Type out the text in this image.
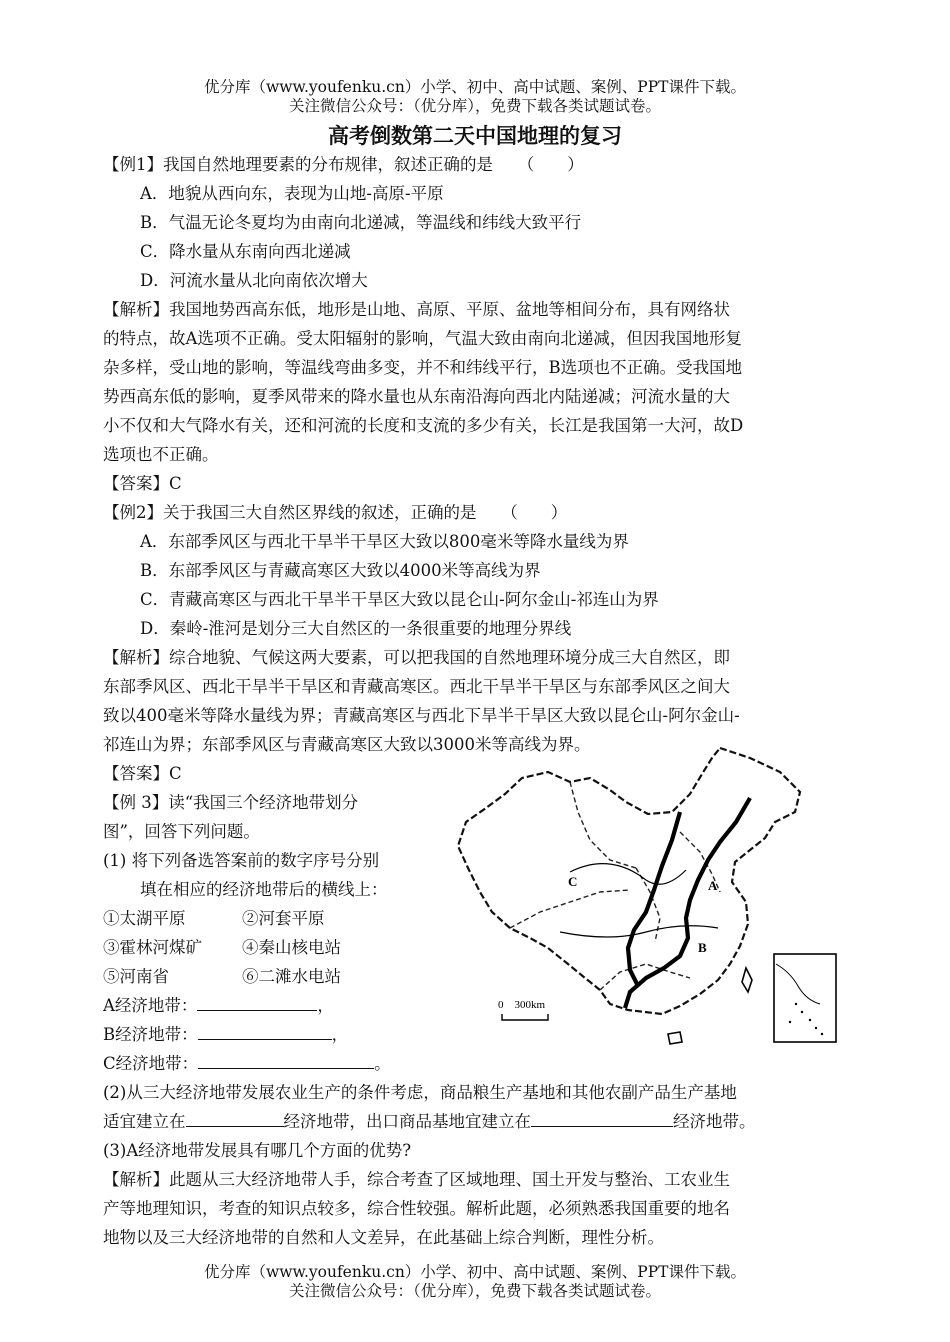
优分库（www.youfenku.cn）小学、初中、高中试题、案例、PPT课件下载。
关注微信公众号：（优分库），免费下载各类试题试卷。
高考倒数第二天中国地理的复习
【例1】我国自然地理要素的分布规律，叙述正确的是　　（　　）
A．地貌从西向东，表现为山地-高原-平原
B．气温无论冬夏均为由南向北递减，等温线和纬线大致平行
C．降水量从东南向西北递减
D．河流水量从北向南依次增大
【解析】我国地势西高东低，地形是山地、高原、平原、盆地等相间分布，具有网络状
的特点，故A选项不正确。受太阳辐射的影响，气温大致由南向北递减，但因我国地形复
杂多样，受山地的影响，等温线弯曲多变，并不和纬线平行，B选项也不正确。受我国地
势西高东低的影响，夏季风带来的降水量也从东南沿海向西北内陆递减；河流水量的大
小不仅和大气降水有关，还和河流的长度和支流的多少有关，长江是我国第一大河，故D
选项也不正确。
【答案】C
【例2】关于我国三大自然区界线的叙述，正确的是　　（　　）
A．东部季风区与西北干旱半干旱区大致以800毫米等降水量线为界
B．东部季风区与青藏高寒区大致以4000米等高线为界
C．青藏高寒区与西北干旱半干旱区大致以昆仑山-阿尔金山-祁连山为界
D．秦岭-淮河是划分三大自然区的一条很重要的地理分界线
【解析】综合地貌、气候这两大要素，可以把我国的自然地理环境分成三大自然区，即
东部季风区、西北干旱半干旱区和青藏高寒区。西北干旱半干旱区与东部季风区之间大
致以400毫米等降水量线为界；青藏高寒区与西北下旱半干旱区大致以昆仑山-阿尔金山-
祁连山为界；东部季风区与青藏高寒区大致以3000米等高线为界。
【答案】C
【例 3】读“我国三个经济地带划分
图”，回答下列问题。
(1) 将下列备选答案前的数字序号分别
填在相应的经济地带后的横线上：
①太湖平原	②河套平原
③霍林河煤矿 ④秦山核电站
⑤河南省	⑥二滩水电站
A经济地带：	，
B经济地带：	，
C经济地带：	。
(2)从三大经济地带发展农业生产的条件考虑，商品粮生产基地和其他农副产品生产基地
适宜建立在	经济地带，出口商品基地宜建立在	经济地带。
(3)A经济地带发展具有哪几个方面的优势?
【解析】此题从三大经济地带人手，综合考查了区域地理、国土开发与整治、工农业生
产等地理知识，考查的知识点较多，综合性较强。解析此题，必须熟悉我国重要的地名
地物以及三大经济地带的自然和人文差异，在此基础上综合判断，理性分析。
A
B
C
0　300km
优分库（www.youfenku.cn）小学、初中、高中试题、案例、PPT课件下载。
关注微信公众号：（优分库），免费下载各类试题试卷。
